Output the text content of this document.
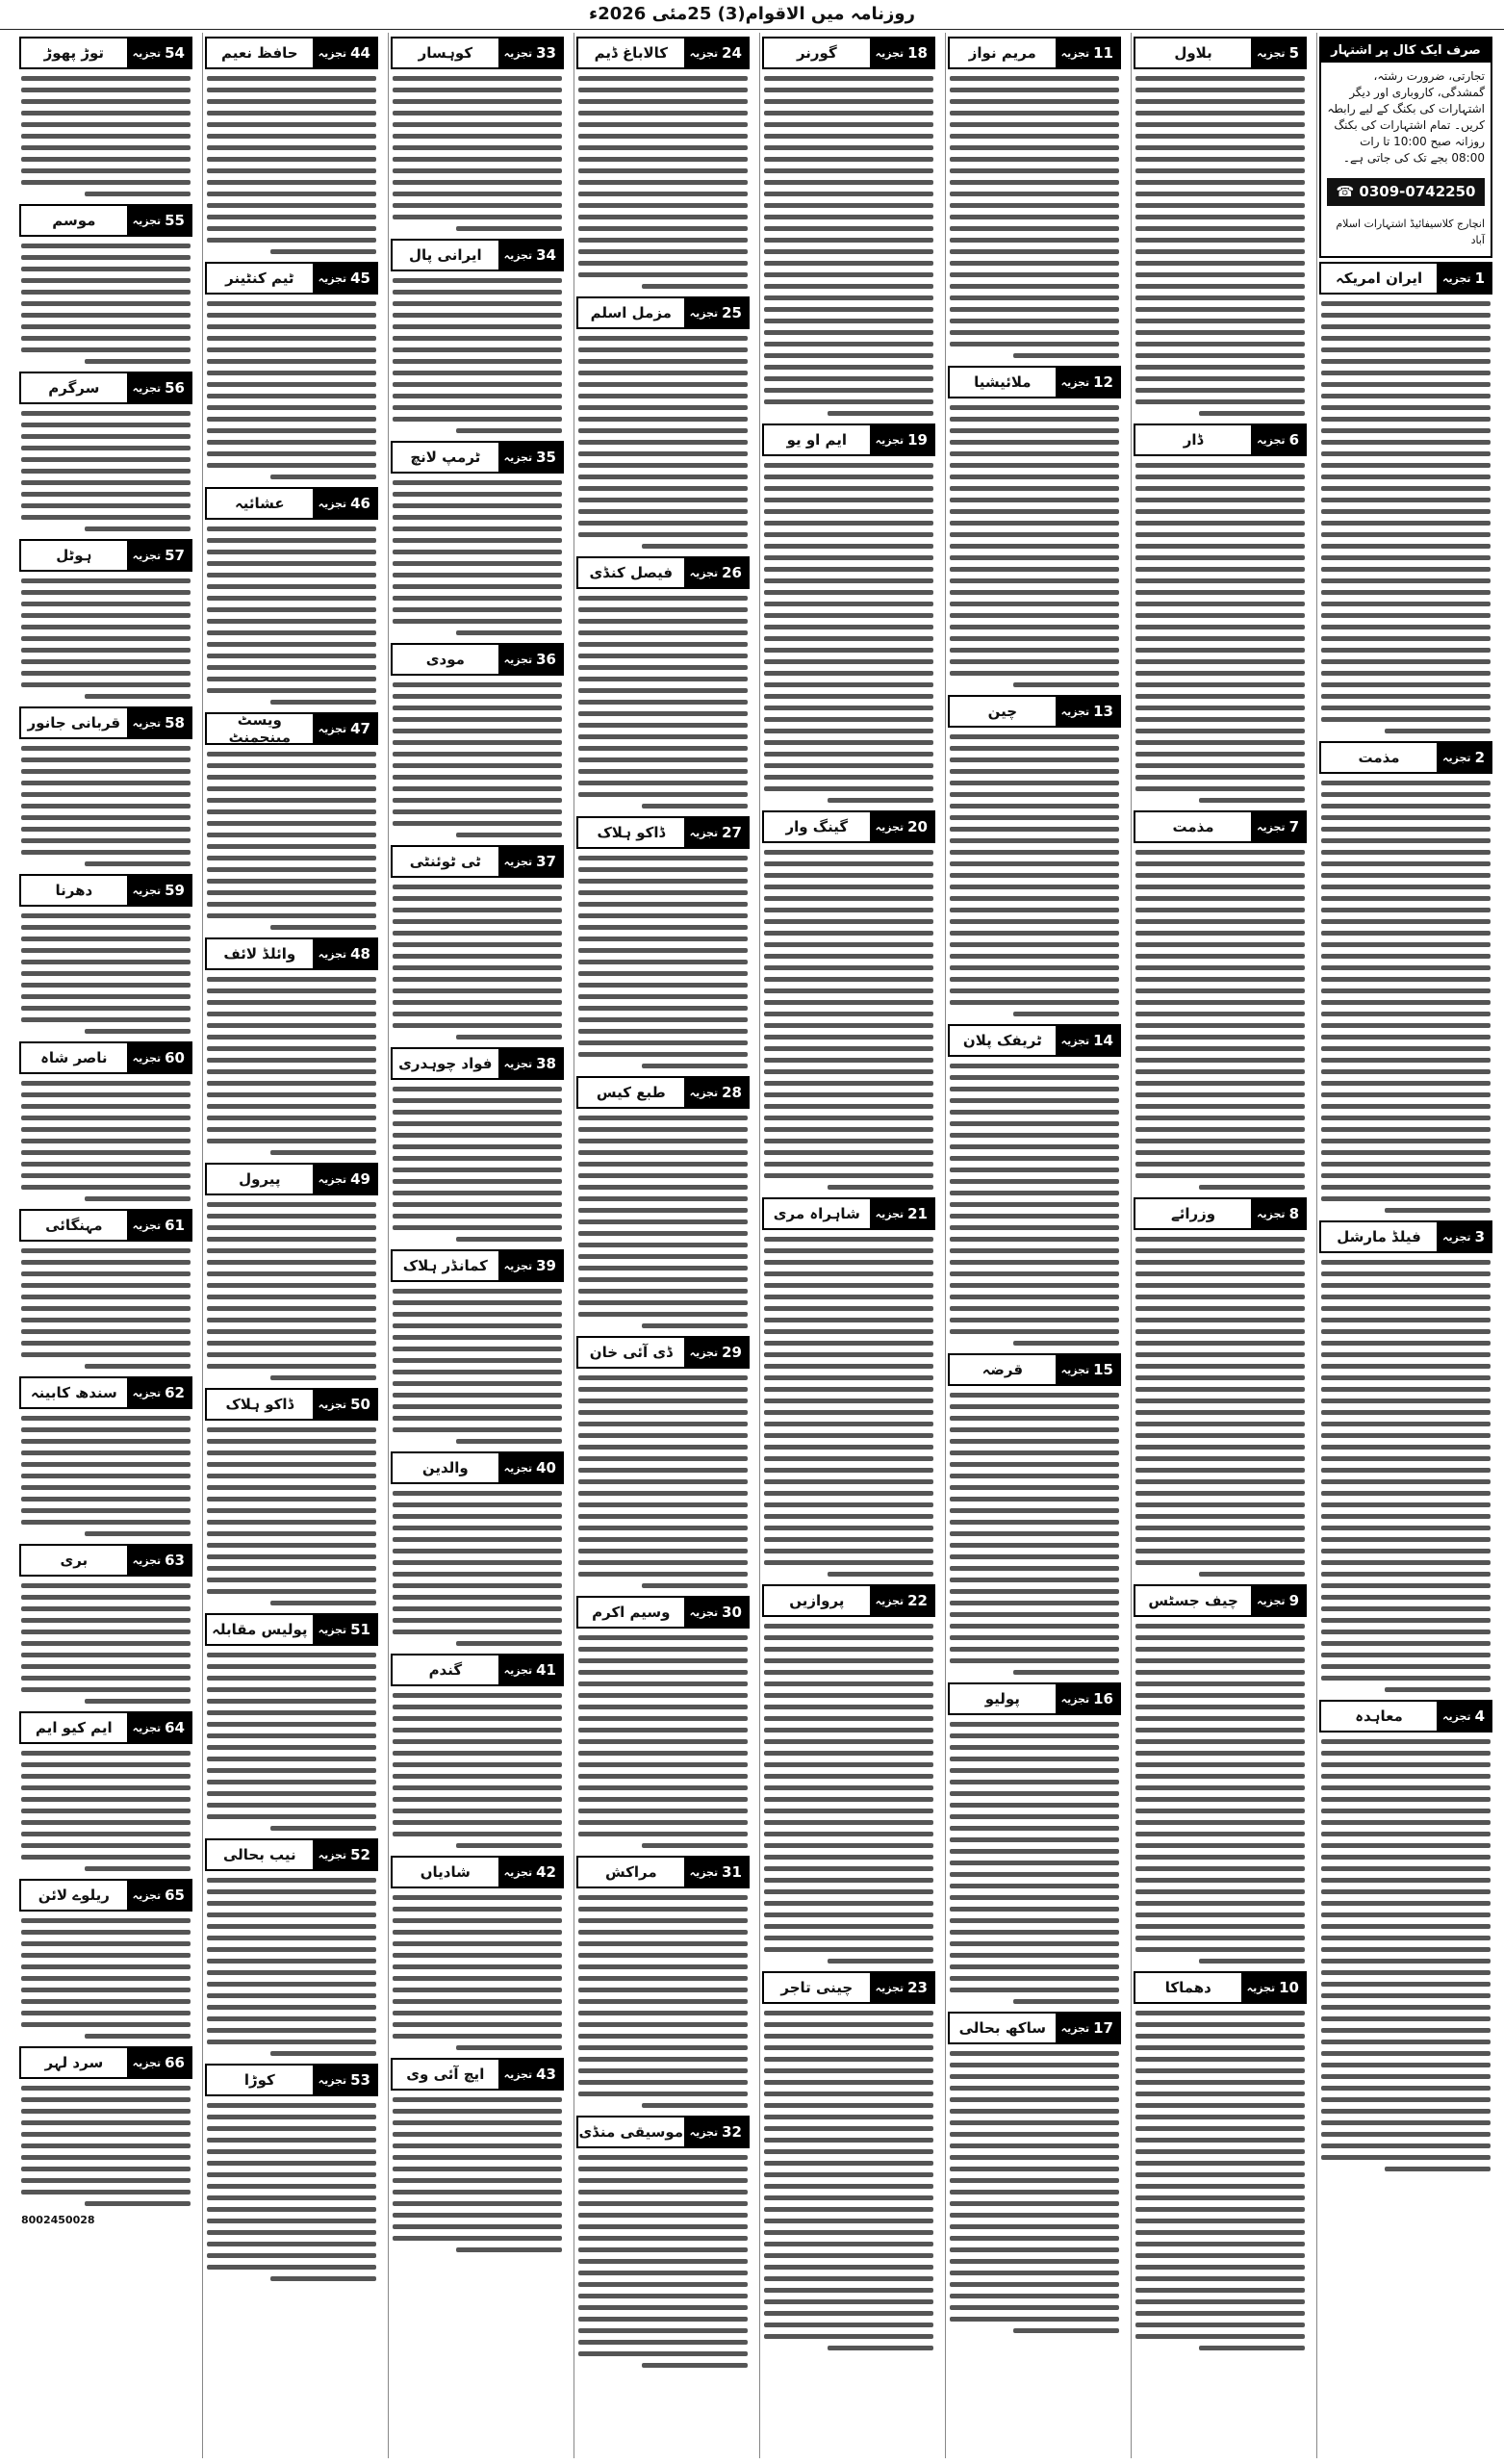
روزنامہ میں الاقوام(3) 25مئی 2026ء
صرف ایک کال پر اشتہار
تجارتی، ضرورت رشتہ، گمشدگی، کاروباری اور دیگر اشتہارات کی بکنگ کے لیے رابطہ کریں۔ تمام اشتہارات کی بکنگ روزانہ صبح 10:00 تا رات 08:00 بجے تک کی جاتی ہے۔
☎ 0309-0742250
انچارج کلاسیفائیڈ اشتہارات اسلام آباد
1
تجزیہ
ایران امریکہ
2
تجزیہ
مذمت
3
تجزیہ
فیلڈ مارشل
4
تجزیہ
معاہدہ
5
تجزیہ
بلاول
6
تجزیہ
ڈار
7
تجزیہ
مذمت
8
تجزیہ
وزرائے
9
تجزیہ
چیف جسٹس
10
تجزیہ
دھماکا
11
تجزیہ
مریم نواز
12
تجزیہ
ملائیشیا
13
تجزیہ
چین
14
تجزیہ
ٹریفک پلان
15
تجزیہ
قرضہ
16
تجزیہ
پولیو
17
تجزیہ
ساکھ بحالی
18
تجزیہ
گورنر
19
تجزیہ
ایم او یو
20
تجزیہ
گینگ وار
21
تجزیہ
شاہراہ مری
22
تجزیہ
پروازیں
23
تجزیہ
چینی تاجر
24
تجزیہ
کالاباغ ڈیم
25
تجزیہ
مزمل اسلم
26
تجزیہ
فیصل کنڈی
27
تجزیہ
ڈاکو ہلاک
28
تجزیہ
طبع کیس
29
تجزیہ
ڈی آئی خان
30
تجزیہ
وسیم اکرم
31
تجزیہ
مراکش
32
تجزیہ
موسیقی منڈی
33
تجزیہ
کوہسار
34
تجزیہ
ایرانی پال
35
تجزیہ
ٹرمپ لانچ
36
تجزیہ
مودی
37
تجزیہ
ٹی ٹوئنٹی
38
تجزیہ
فواد چوہدری
39
تجزیہ
کمانڈر ہلاک
40
تجزیہ
والدین
41
تجزیہ
گندم
42
تجزیہ
شادیاں
43
تجزیہ
ایچ آئی وی
44
تجزیہ
حافظ نعیم
45
تجزیہ
ٹیم کنٹینر
46
تجزیہ
عشائیہ
47
تجزیہ
ویسٹ مینجمنٹ
48
تجزیہ
وائلڈ لائف
49
تجزیہ
پیرول
50
تجزیہ
ڈاکو ہلاک
51
تجزیہ
پولیس مقابلہ
52
تجزیہ
نیب بحالی
53
تجزیہ
کوڑا
54
تجزیہ
توڑ پھوڑ
55
تجزیہ
موسم
56
تجزیہ
سرگرم
57
تجزیہ
ہوٹل
58
تجزیہ
قربانی جانور
59
تجزیہ
دھرنا
60
تجزیہ
ناصر شاہ
61
تجزیہ
مہنگائی
62
تجزیہ
سندھ کابینہ
63
تجزیہ
بری
64
تجزیہ
ایم کیو ایم
65
تجزیہ
ریلوے لائن
66
تجزیہ
سرد لہر
8002450028
